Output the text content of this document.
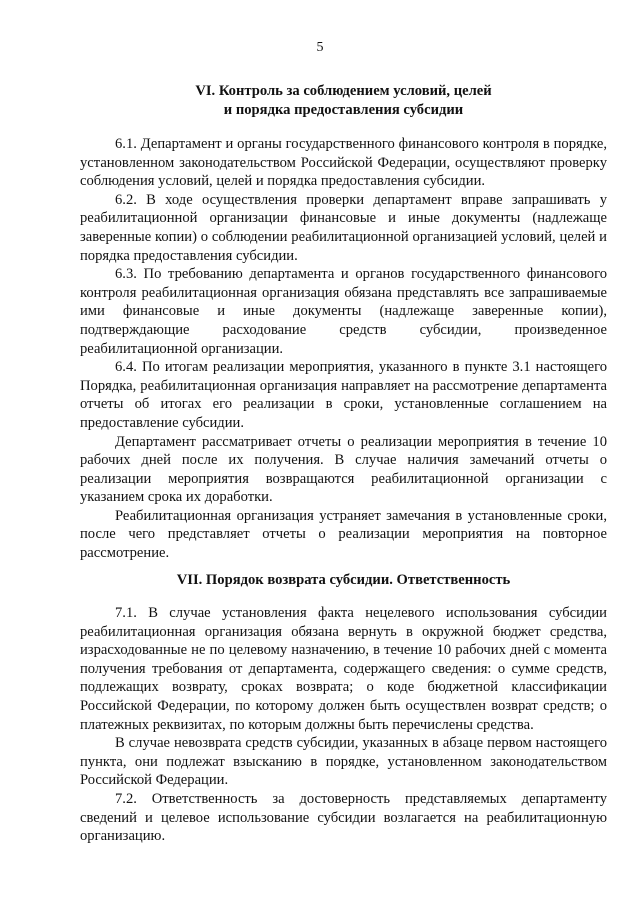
5
VI. Контроль за соблюдением условий, целей
и порядка предоставления субсидии

6.1. Департамент и органы государственного финансового контроля в порядке, установленном законодательством Российской Федерации, осуществляют проверку соблюдения условий, целей и порядка предоставления субсидии.

6.2. В ходе осуществления проверки департамент вправе запрашивать у реабилитационной организации финансовые и иные документы (надлежаще заверенные копии) о соблюдении реабилитационной организацией условий, целей и порядка предоставления субсидии.

6.3. По требованию департамента и органов государственного финансового контроля реабилитационная организация обязана представлять все запрашиваемые ими финансовые и иные документы (надлежаще заверенные копии), подтверждающие расходование средств субсидии, произведенное реабилитационной организации.

6.4. По итогам реализации мероприятия, указанного в пункте 3.1 настоящего Порядка, реабилитационная организация направляет на рассмотрение департамента отчеты об итогах его реализации в сроки, установленные соглашением на предоставление субсидии.

Департамент рассматривает отчеты о реализации мероприятия в течение 10 рабочих дней после их получения. В случае наличия замечаний отчеты о реализации мероприятия возвращаются реабилитационной организации с указанием срока их доработки.

Реабилитационная организация устраняет замечания в установленные сроки, после чего представляет отчеты о реализации мероприятия на повторное рассмотрение.

VII. Порядок возврата субсидии. Ответственность

7.1. В случае установления факта нецелевого использования субсидии реабилитационная организация обязана вернуть в окружной бюджет средства, израсходованные не по целевому назначению, в течение 10 рабочих дней с момента получения требования от департамента, содержащего сведения: о сумме средств, подлежащих возврату, сроках возврата; о коде бюджетной классификации Российской Федерации, по которому должен быть осуществлен возврат средств; о платежных реквизитах, по которым должны быть перечислены средства.

В случае невозврата средств субсидии, указанных в абзаце первом настоящего пункта, они подлежат взысканию в порядке, установленном законодательством Российской Федерации.

7.2. Ответственность за достоверность представляемых департаменту сведений и целевое использование субсидии возлагается на реабилитационную организацию.
